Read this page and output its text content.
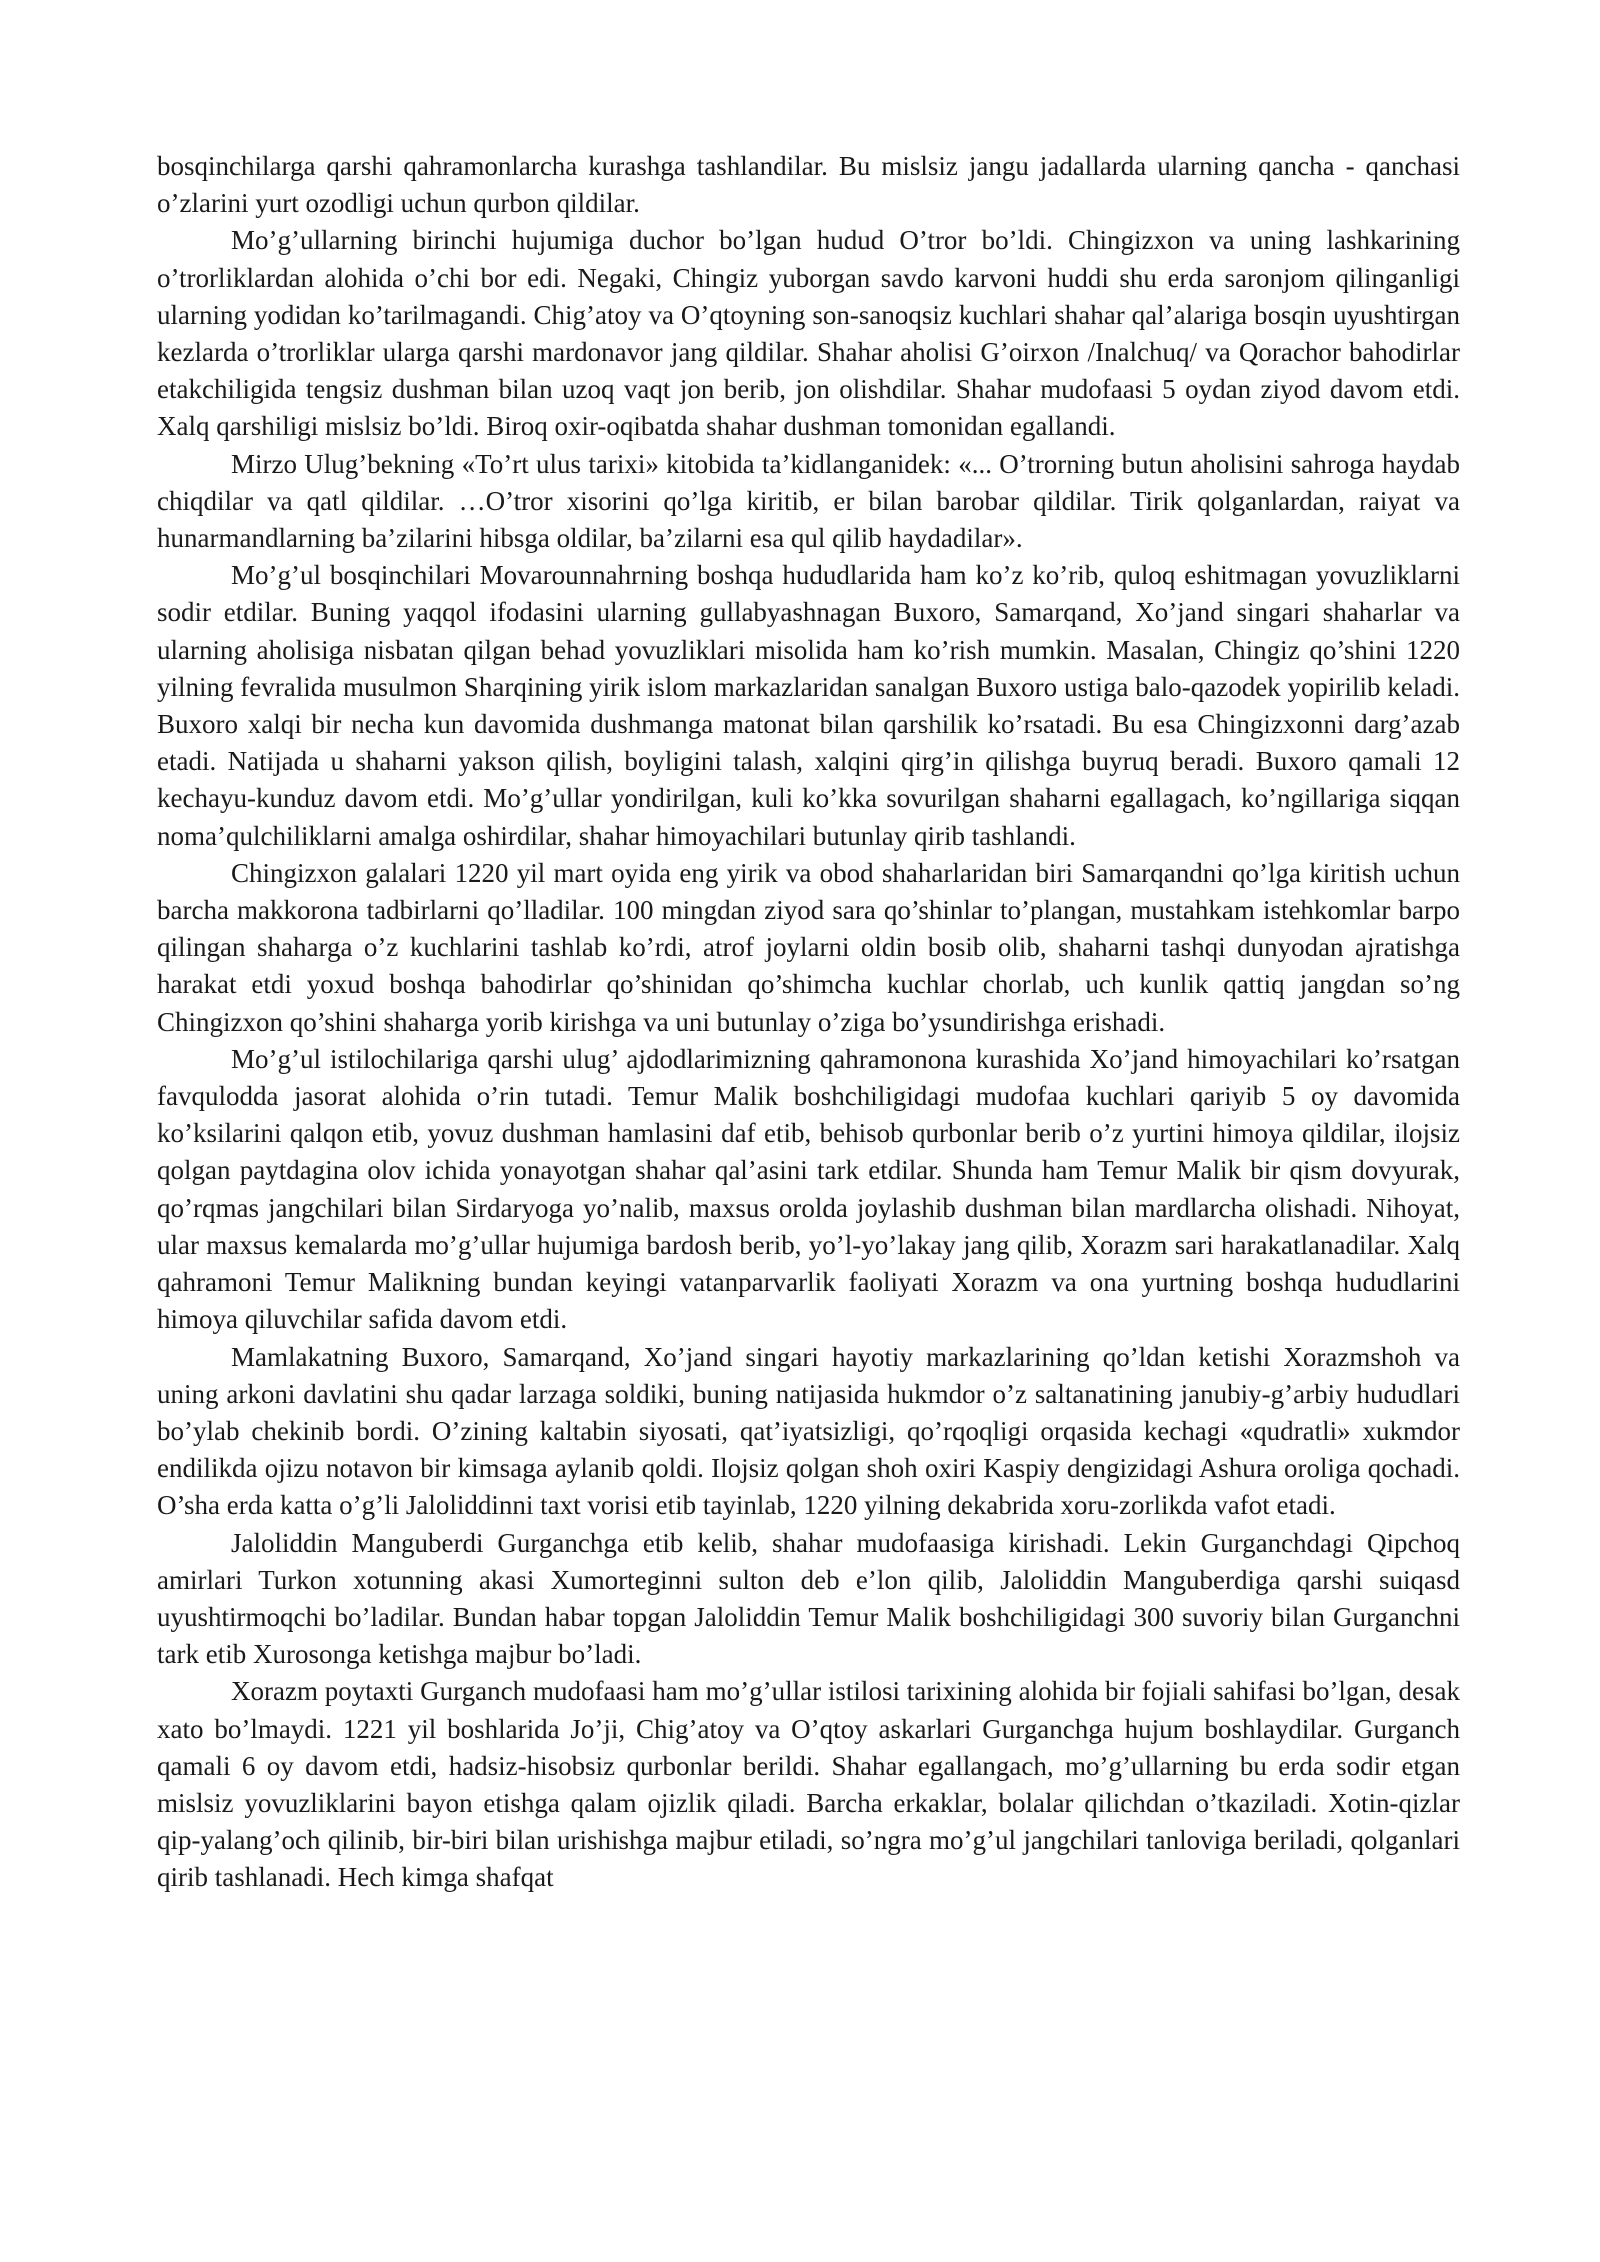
bosqinchilarga qarshi qahramonlarcha kurashga tashlandilar. Bu mislsiz jangu jadallarda ularning qancha - qanchasi o’zlarini yurt ozodligi uchun qurbon qildilar.

Mo’g’ullarning birinchi hujumiga duchor bo’lgan hudud O’tror bo’ldi. Chingizxon va uning lashkarining o’trorliklardan alohida o’chi bor edi. Negaki, Chingiz yuborgan savdo karvoni huddi shu erda saronjom qilinganligi ularning yodidan ko’tarilmagandi. Chig’atoy va O’qtoyning son-sanoqsiz kuchlari shahar qal’alariga bosqin uyushtirgan kezlarda o’trorliklar ularga qarshi mardonavor jang qildilar. Shahar aholisi G’oirxon /Inalchuq/ va Qorachor bahodirlar etakchiligida tengsiz dushman bilan uzoq vaqt jon berib, jon olishdilar. Shahar mudofaasi 5 oydan ziyod davom etdi. Xalq qarshiligi mislsiz bo’ldi. Biroq oxir-oqibatda shahar dushman tomonidan egallandi.

Mirzo Ulug’bekning «To’rt ulus tarixi» kitobida ta’kidlanganidek: «... O’trorning butun aholisini sahroga haydab chiqdilar va qatl qildilar. …O’tror xisorini qo’lga kiritib, er bilan barobar qildilar. Tirik qolganlardan, raiyat va hunarmandlarning ba’zilarini hibsga oldilar, ba’zilarni esa qul qilib haydadilar».

Mo’g’ul bosqinchilari Movarounnahrning boshqa hududlarida ham ko’z ko’rib, quloq eshitmagan yovuzliklarni sodir etdilar. Buning yaqqol ifodasini ularning gullabyashnagan Buxoro, Samarqand, Xo’jand singari shaharlar va ularning aholisiga nisbatan qilgan behad yovuzliklari misolida ham ko’rish mumkin. Masalan, Chingiz qo’shini 1220 yilning fevralida musulmon Sharqining yirik islom markazlaridan sanalgan Buxoro ustiga balo-qazodek yopirilib keladi. Buxoro xalqi bir necha kun davomida dushmanga matonat bilan qarshilik ko’rsatadi. Bu esa Chingizxonni darg’azab etadi. Natijada u shaharni yakson qilish, boyligini talash, xalqini qirg’in qilishga buyruq beradi. Buxoro qamali 12 kechayu-kunduz davom etdi. Mo’g’ullar yondirilgan, kuli ko’kka sovurilgan shaharni egallagach, ko’ngillariga siqqan noma’qulchiliklarni amalga oshirdilar, shahar himoyachilari butunlay qirib tashlandi.

Chingizxon galalari 1220 yil mart oyida eng yirik va obod shaharlaridan biri Samarqandni qo’lga kiritish uchun barcha makkorona tadbirlarni qo’lladilar. 100 mingdan ziyod sara qo’shinlar to’plangan, mustahkam istehkomlar barpo qilingan shaharga o’z kuchlarini tashlab ko’rdi, atrof joylarni oldin bosib olib, shaharni tashqi dunyodan ajratishga harakat etdi yoxud boshqa bahodirlar qo’shinidan qo’shimcha kuchlar chorlab, uch kunlik qattiq jangdan so’ng Chingizxon qo’shini shaharga yorib kirishga va uni butunlay o’ziga bo’ysundirishga erishadi.

Mo’g’ul istilochilariga qarshi ulug’ ajdodlarimizning qahramonona kurashida Xo’jand himoyachilari ko’rsatgan favqulodda jasorat alohida o’rin tutadi. Temur Malik boshchiligidagi mudofaa kuchlari qariyib 5 oy davomida ko’ksilarini qalqon etib, yovuz dushman hamlasini daf etib, behisob qurbonlar berib o’z yurtini himoya qildilar, ilojsiz qolgan paytdagina olov ichida yonayotgan shahar qal’asini tark etdilar. Shunda ham Temur Malik bir qism dovyurak, qo’rqmas jangchilari bilan Sirdaryoga yo’nalib, maxsus orolda joylashib dushman bilan mardlarcha olishadi. Nihoyat, ular maxsus kemalarda mo’g’ullar hujumiga bardosh berib, yo’l-yo’lakay jang qilib, Xorazm sari harakatlanadilar. Xalq qahramoni Temur Malikning bundan keyingi vatanparvarlik faoliyati Xorazm va ona yurtning boshqa hududlarini himoya qiluvchilar safida davom etdi.

Mamlakatning Buxoro, Samarqand, Xo’jand singari hayotiy markazlarining qo’ldan ketishi Xorazmshoh va uning arkoni davlatini shu qadar larzaga soldiki, buning natijasida hukmdor o’z saltanatining janubiy-g’arbiy hududlari bo’ylab chekinib bordi. O’zining kaltabin siyosati, qat’iyatsizligi, qo’rqoqligi orqasida kechagi «qudratli» xukmdor endilikda ojizu notavon bir kimsaga aylanib qoldi. Ilojsiz qolgan shoh oxiri Kaspiy dengizidagi Ashura oroliga qochadi. O’sha erda katta o’g’li Jaloliddinni taxt vorisi etib tayinlab, 1220 yilning dekabrida xoru-zorlikda vafot etadi.

Jaloliddin Manguberdi Gurganchga etib kelib, shahar mudofaasiga kirishadi. Lekin Gurganchdagi Qipchoq amirlari Turkon xotunning akasi Xumorteginni sulton deb e’lon qilib, Jaloliddin Manguberdiga qarshi suiqasd uyushtirmoqchi bo’ladilar. Bundan habar topgan Jaloliddin Temur Malik boshchiligidagi 300 suvoriy bilan Gurganchni tark etib Xurosonga ketishga majbur bo’ladi.

Xorazm poytaxti Gurganch mudofaasi ham mo’g’ullar istilosi tarixining alohida bir fojiali sahifasi bo’lgan, desak xato bo’lmaydi. 1221 yil boshlarida Jo’ji, Chig’atoy va O’qtoy askarlari Gurganchga hujum boshlaydilar. Gurganch qamali 6 oy davom etdi, hadsiz-hisobsiz qurbonlar berildi. Shahar egallangach, mo’g’ullarning bu erda sodir etgan mislsiz yovuzliklarini bayon etishga qalam ojizlik qiladi. Barcha erkaklar, bolalar qilichdan o’tkaziladi. Xotin-qizlar qip-yalang’och qilinib, bir-biri bilan urishishga majbur etiladi, so’ngra mo’g’ul jangchilari tanloviga beriladi, qolganlari qirib tashlanadi. Hech kimga shafqat
